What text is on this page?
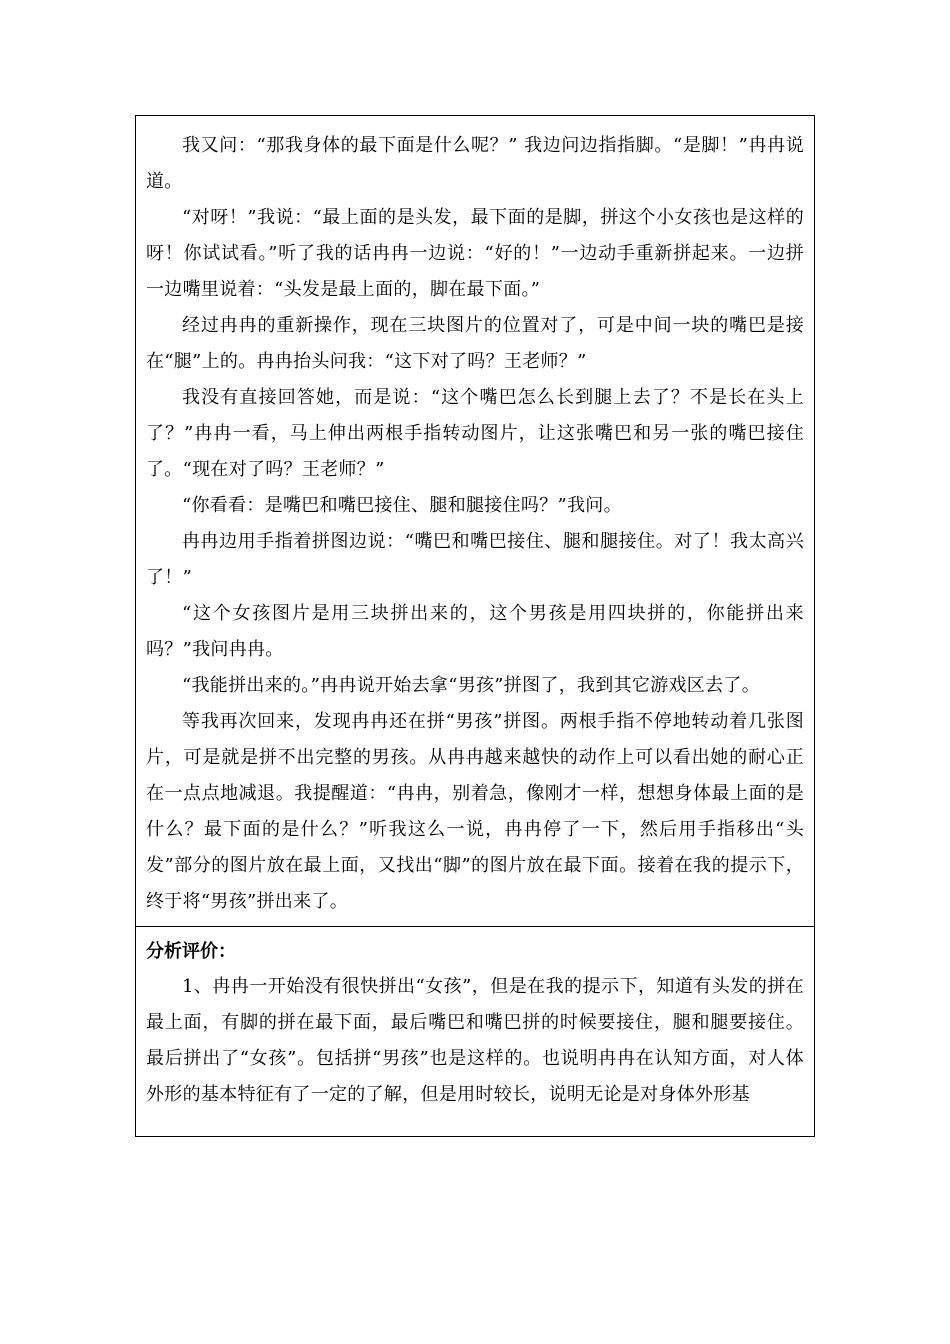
我又问：“那我身体的最下面是什么呢？” 我边问边指指脚。“是脚！”冉冉说道。

“对呀！”我说：“最上面的是头发，最下面的是脚，拼这个小女孩也是这样的呀！你试试看。”听了我的话冉冉一边说：“好的！”一边动手重新拼起来。一边拼一边嘴里说着：“头发是最上面的，脚在最下面。”

经过冉冉的重新操作，现在三块图片的位置对了，可是中间一块的嘴巴是接在“腿”上的。冉冉抬头问我：“这下对了吗？王老师？”

我没有直接回答她，而是说：“这个嘴巴怎么长到腿上去了？不是长在头上了？”冉冉一看，马上伸出两根手指转动图片，让这张嘴巴和另一张的嘴巴接住了。“现在对了吗？王老师？”

“你看看：是嘴巴和嘴巴接住、腿和腿接住吗？”我问。

冉冉边用手指着拼图边说：“嘴巴和嘴巴接住、腿和腿接住。对了！我太高兴了！”

“这个女孩图片是用三块拼出来的，这个男孩是用四块拼的，你能拼出来吗？”我问冉冉。

“我能拼出来的。”冉冉说开始去拿“男孩”拼图了，我到其它游戏区去了。

等我再次回来，发现冉冉还在拼“男孩”拼图。两根手指不停地转动着几张图片，可是就是拼不出完整的男孩。从冉冉越来越快的动作上可以看出她的耐心正在一点点地减退。我提醒道：“冉冉，别着急，像刚才一样，想想身体最上面的是什么？最下面的是什么？”听我这么一说，冉冉停了一下，然后用手指移出“头发”部分的图片放在最上面，又找出“脚”的图片放在最下面。接着在我的提示下，终于将“男孩”拼出来了。

分析评价：

1、冉冉一开始没有很快拼出“女孩”，但是在我的提示下，知道有头发的拼在最上面，有脚的拼在最下面，最后嘴巴和嘴巴拼的时候要接住，腿和腿要接住。最后拼出了“女孩”。包括拼“男孩”也是这样的。也说明冉冉在认知方面，对人体外形的基本特征有了一定的了解，但是用时较长，说明无论是对身体外形基
